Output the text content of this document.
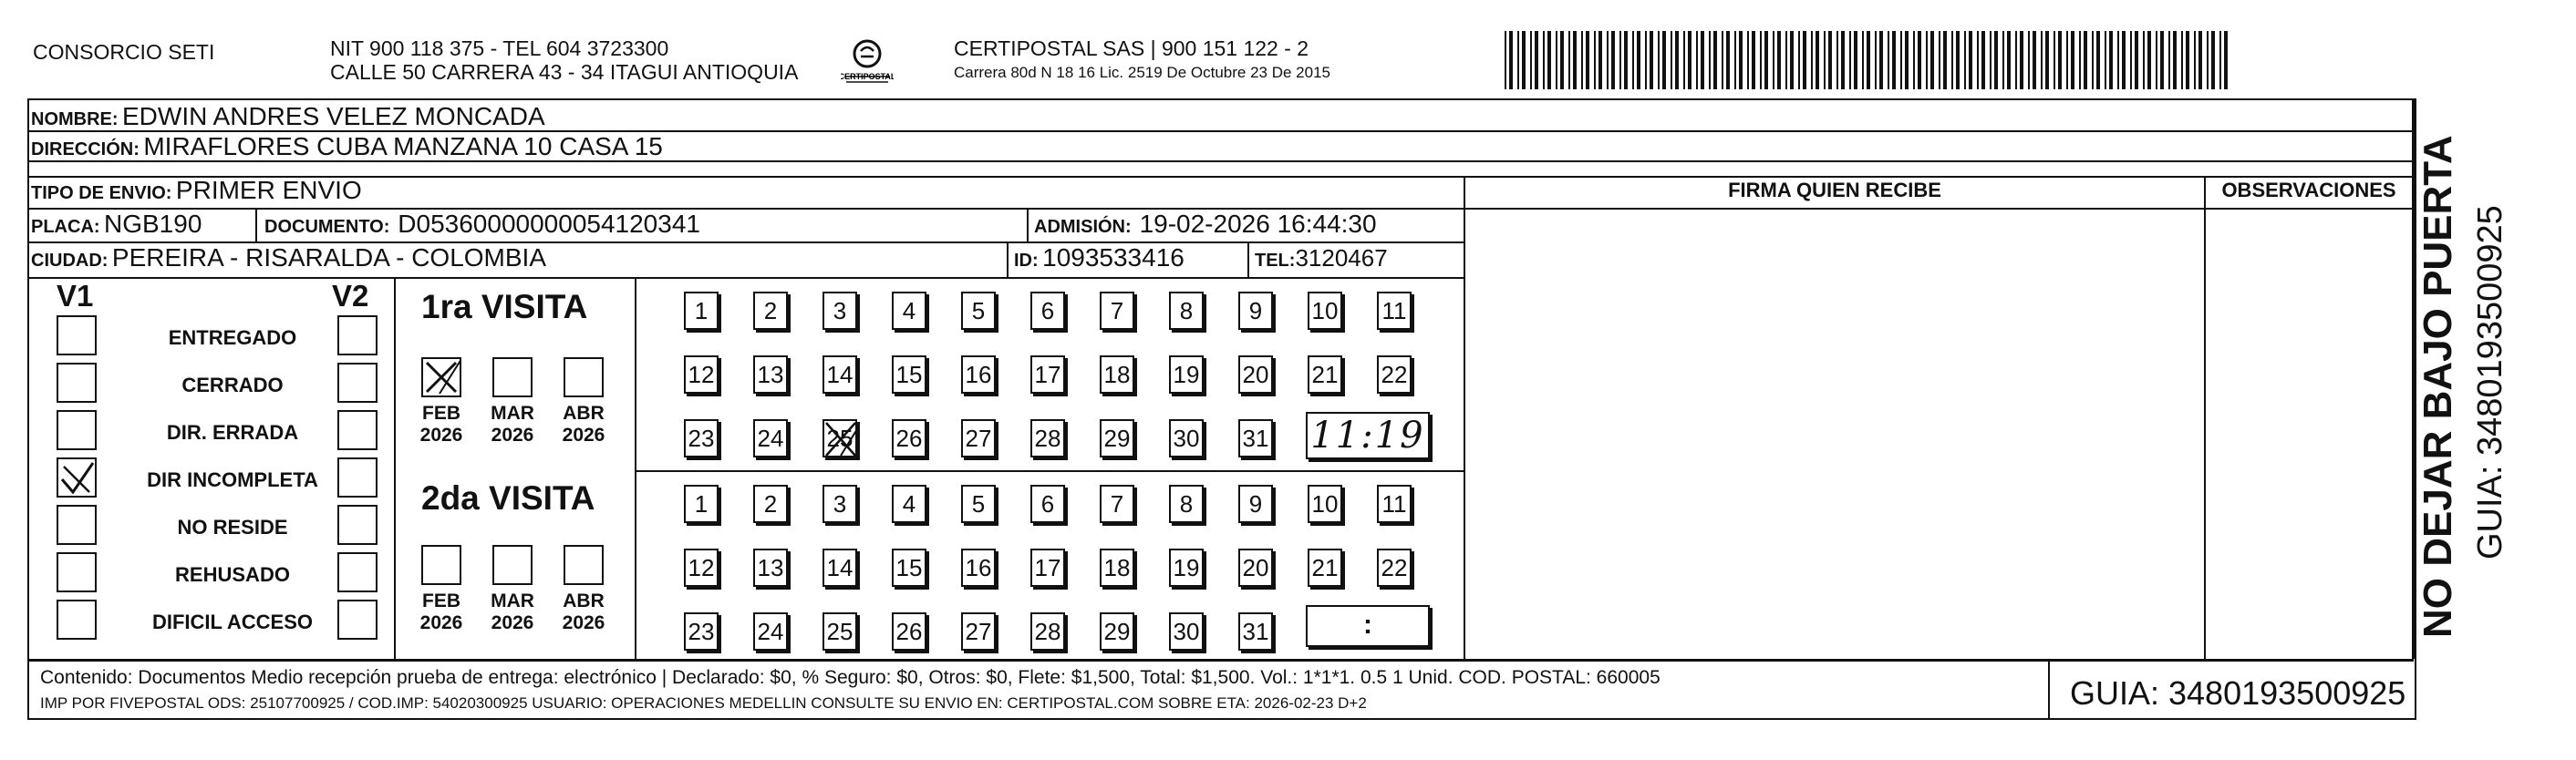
CONSORCIO SETI	NIT 900 118 375 - TEL 604 3723300
CALLE 50 CARRERA 43 - 34 ITAGUI ANTIOQUIA	CERTIPOSTAL
CERTIPOSTAL SAS | 900 151 122 - 2
Carrera 80d N 18 16 Lic. 2519 De Octubre 23 De 2015
NOMBRE: EDWIN ANDRES VELEZ MONCADA
DIRECCIÓN: MIRAFLORES CUBA MANZANA 10 CASA 15
TIPO DE ENVIO: PRIMER ENVIO	FIRMA QUIEN RECIBE	OBSERVACIONES
PLACA: NGB190	DOCUMENTO: D05360000000054120341	ADMISIÓN: 19-02-2026 16:44:30
CIUDAD: PEREIRA - RISARALDA - COLOMBIA	ID: 1093533416	TEL:3120467
V1	V2
ENTREGADO
CERRADO
DIR. ERRADA
DIR INCOMPLETA
NO RESIDE
REHUSADO
DIFICIL ACCESO
1ra VISITA
2da VISITA
FEB
2026
MAR
2026
ABR
2026
FEB
2026
MAR
2026
ABR
2026
1	2	3	4	5	6	7	8	9	10 11
12 13 14 15 16 17 18 19 20 21 22
23 24 25 26 27 28 29 30 31
1	2	3	4	5	6	7	8	9	10 11
12 13 14 15 16 17 18 19 20 21 22
23 24 25 26 27 28 29 30 31
11:19
:
Contenido: Documentos Medio recepción prueba de entrega: electrónico | Declarado: $0, % Seguro: $0, Otros: $0, Flete: $1,500, Total: $1,500. Vol.: 1*1*1. 0.5 1 Unid. COD. POSTAL: 660005
IMP POR FIVEPOSTAL ODS: 25107700925 / COD.IMP: 54020300925 USUARIO: OPERACIONES MEDELLIN CONSULTE SU ENVIO EN: CERTIPOSTAL.COM SOBRE ETA: 2026-02-23 D+2	GUIA: 3480193500925
NO DEJAR BAJO PUERTA GUIA: 3480193500925
